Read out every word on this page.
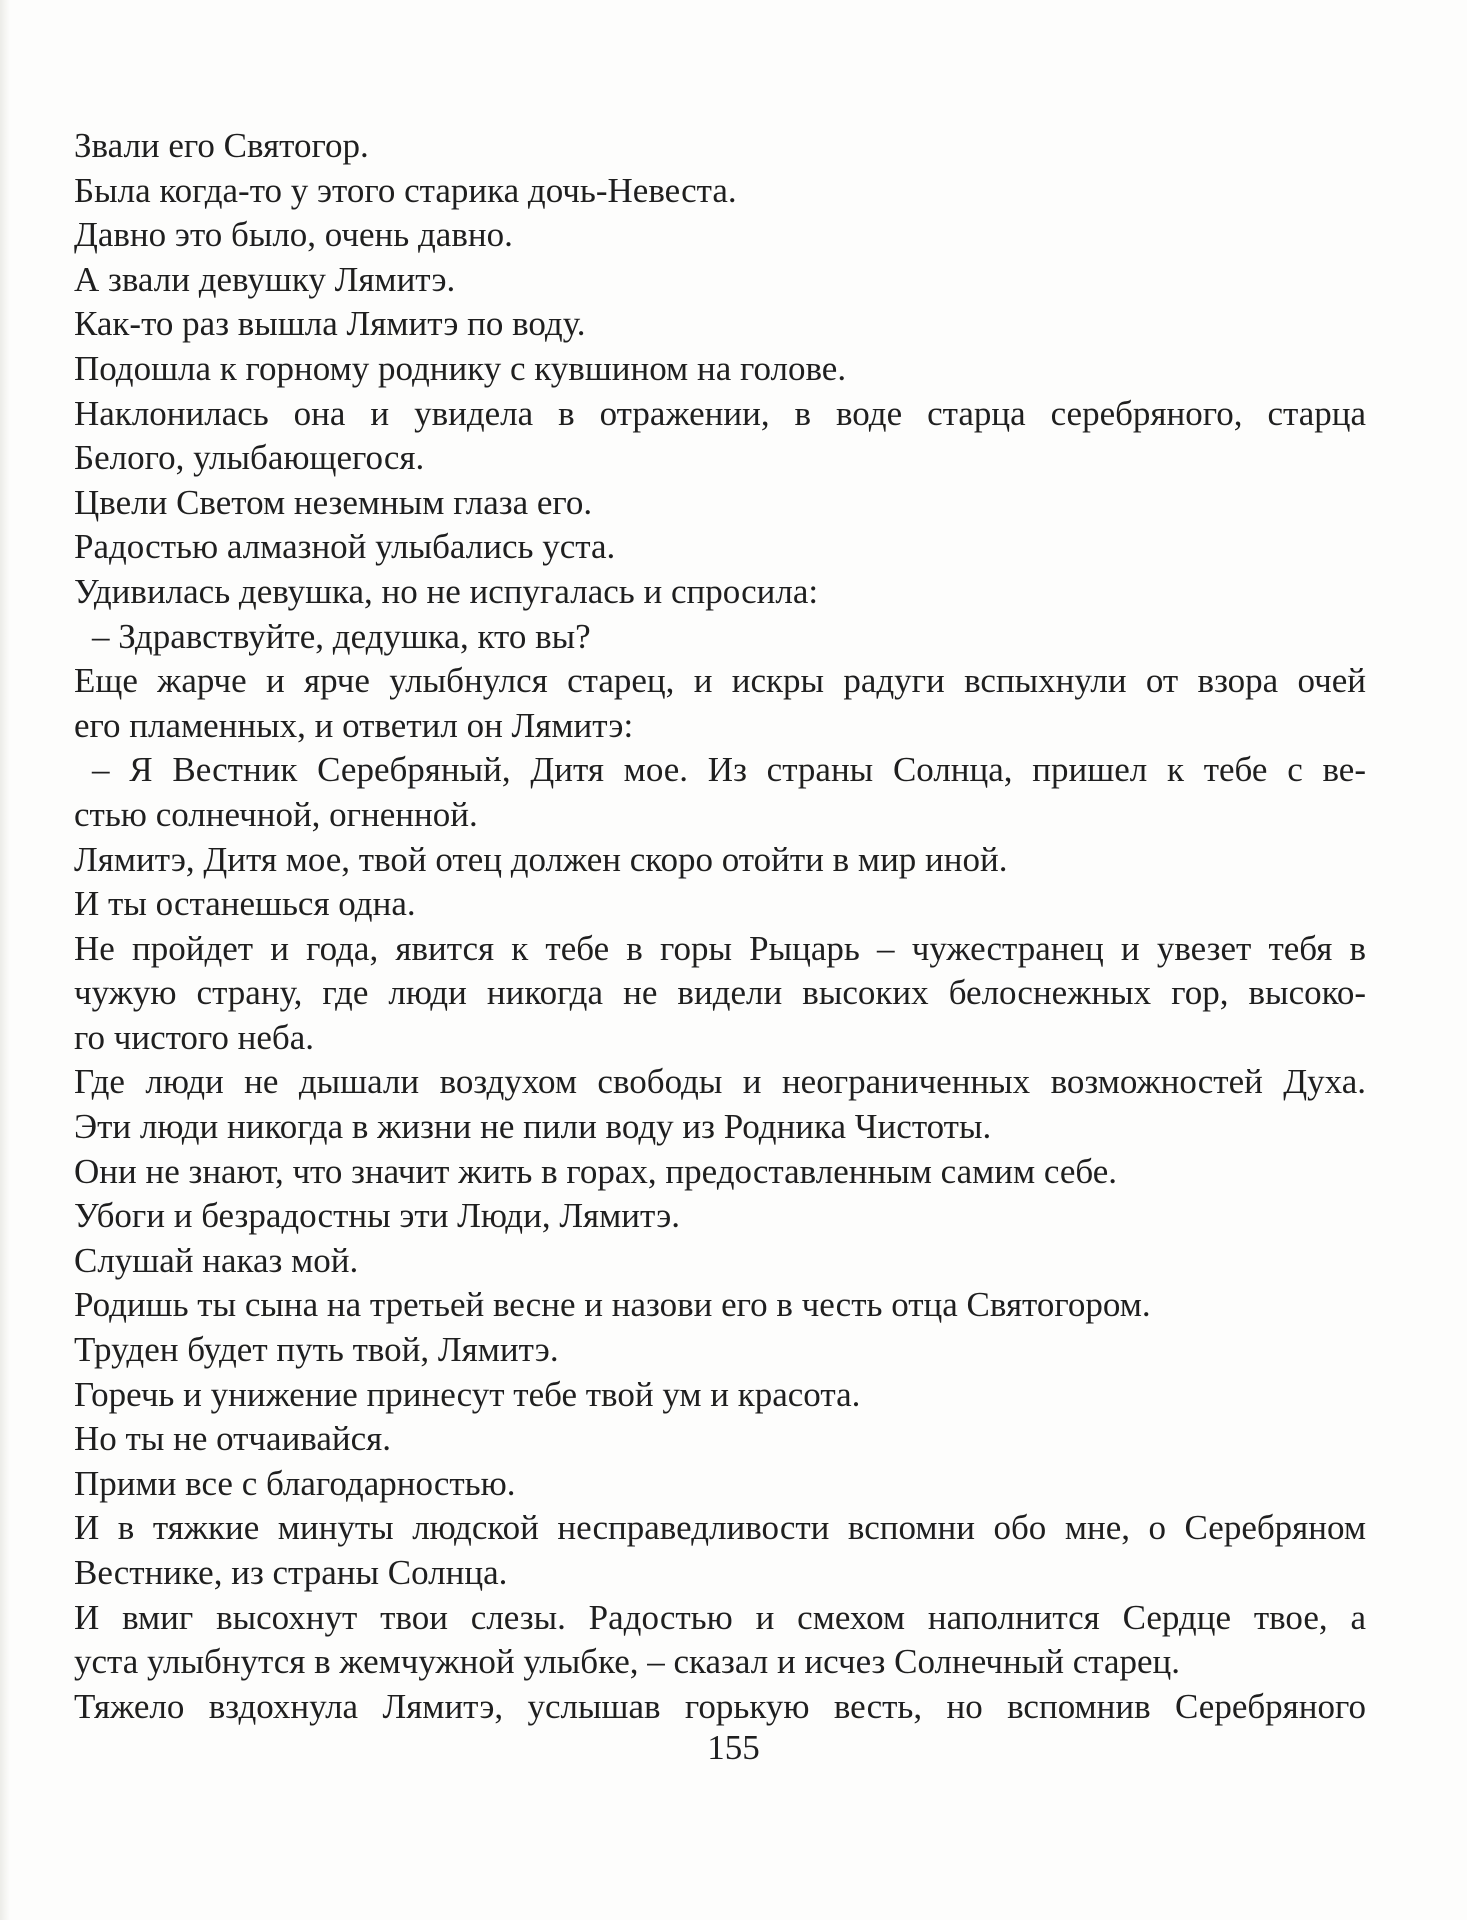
Звали его Святогор.
Была когда-то у этого старика дочь-Невеста.
Давно это было, очень давно.
А звали девушку Лямитэ.
Как-то раз вышла Лямитэ по воду.
Подошла к горному роднику с кувшином на голове.
Наклонилась она и увидела в отражении, в воде старца серебряного, старца
Белого, улыбающегося.
Цвели Светом неземным глаза его.
Радостью алмазной улыбались уста.
Удивилась девушка, но не испугалась и спросила:
– Здравствуйте, дедушка, кто вы?
Еще жарче и ярче улыбнулся старец, и искры радуги вспыхнули от взора очей
его пламенных, и ответил он Лямитэ:
– Я Вестник Серебряный, Дитя мое. Из страны Солнца, пришел к тебе с ве-
стью солнечной, огненной.
Лямитэ, Дитя мое, твой отец должен скоро отойти в мир иной.
И ты останешься одна.
Не пройдет и года, явится к тебе в горы Рыцарь – чужестранец и увезет тебя в
чужую страну, где люди никогда не видели высоких белоснежных гор, высоко-
го чистого неба.
Где люди не дышали воздухом свободы и неограниченных возможностей Духа.
Эти люди никогда в жизни не пили воду из Родника Чистоты.
Они не знают, что значит жить в горах, предоставленным самим себе.
Убоги и безрадостны эти Люди, Лямитэ.
Слушай наказ мой.
Родишь ты сына на третьей весне и назови его в честь отца Святогором.
Труден будет путь твой, Лямитэ.
Горечь и унижение принесут тебе твой ум и красота.
Но ты не отчаивайся.
Прими все с благодарностью.
И в тяжкие минуты людской несправедливости вспомни обо мне, о Серебряном
Вестнике, из страны Солнца.
И вмиг высохнут твои слезы. Радостью и смехом наполнится Сердце твое, а
уста улыбнутся в жемчужной улыбке, – сказал и исчез Солнечный старец.
Тяжело вздохнула Лямитэ, услышав горькую весть, но вспомнив Серебряного
155
